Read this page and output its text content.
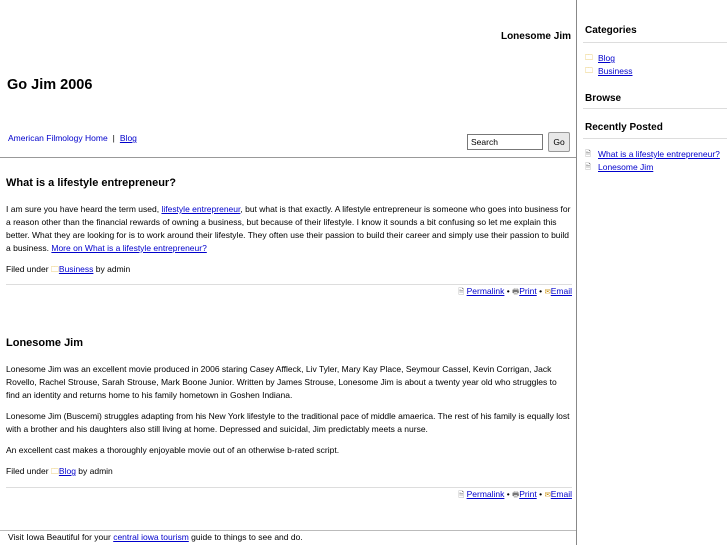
Lonesome Jim
Go Jim 2006
American Filmology Home | Blog
Search	Go
What is a lifestyle entrepreneur?

I am sure you have heard the term used, lifestyle entrepreneur, but what is that exactly. A lifestyle entrepreneur is someone who goes into business for a reason other than the financial rewards of owning a business, but because of their lifestyle. I know it sounds a bit confusing so let me explain this better. What they are looking for is to work around their lifestyle. They often use their passion to build their career and simply use their passion to build a business. More on What is a lifestyle entrepreneur?

Filed under 🗀Business by admin
🗎 Permalink • 🖶Print • ✉Email
Lonesome Jim

Lonesome Jim was an excellent movie produced in 2006 staring Casey Affleck, Liv Tyler, Mary Kay Place, Seymour Cassel, Kevin Corrigan, Jack Rovello, Rachel Strouse, Sarah Strouse, Mark Boone Junior. Written by James Strouse, Lonesome Jim is about a twenty year old who struggles to find an identity and returns home to his family hometown in Goshen Indiana.

Lonesome Jim (Buscemi) struggles adapting from his New York lifestyle to the traditional pace of middle amaerica. The rest of his family is equally lost with a brother and his daughters also still living at home. Depressed and suicidal, Jim predictably meets a nurse.

An excellent cast makes a thoroughly enjoyable movie out of an otherwise b-rated script.

Filed under 🗀Blog by admin
🗎 Permalink • 🖶Print • ✉Email
Visit Iowa Beautiful for your central iowa tourism guide to things to see and do.
Categories
🗀 Blog
🗀 Business
Browse
Recently Posted
🗎 What is a lifestyle entrepreneur?
🗎 Lonesome Jim
